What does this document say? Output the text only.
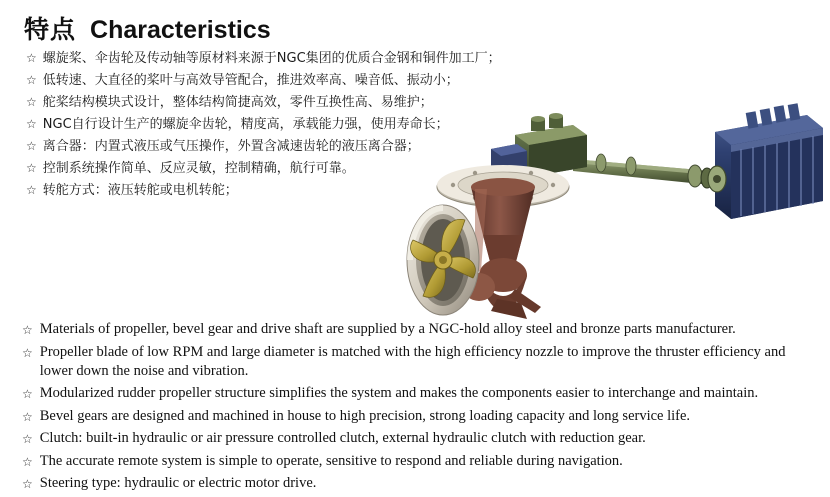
特点 Characteristics
☆ 螺旋桨、伞齿轮及传动轴等原材料来源于NGC集团的优质合金钢和铜件加工厂；
☆ 低转速、大直径的桨叶与高效导管配合，推进效率高、噪音低、振动小；
☆ 舵桨结构模块式设计，整体结构简捷高效，零件互换性高、易维护；
☆ NGC自行设计生产的螺旋伞齿轮，精度高，承载能力强，使用寿命长；
☆ 离合器：内置式液压或气压操作，外置含减速齿轮的液压离合器；
☆ 控制系统操作简单、反应灵敏，控制精确，航行可靠。
☆ 转舵方式：液压转舵或电机转舵；
☆ Materials of propeller, bevel gear and drive shaft are supplied by a NGC-hold alloy steel and bronze parts manufacturer.
☆ Propeller blade of low RPM and large diameter is matched with the high efficiency nozzle to improve the thruster efficiency and lower down the noise and vibration.
☆ Modularized rudder propeller structure simplifies the system and makes the components easier to interchange and maintain.
☆ Bevel gears are designed and machined in house to high precision, strong loading capacity and long service life.
☆ Clutch: built-in hydraulic or air pressure controlled clutch, external hydraulic clutch with reduction gear.
☆ The accurate remote system is simple to operate, sensitive to respond and reliable during navigation.
☆ Steering type: hydraulic or electric motor drive.
